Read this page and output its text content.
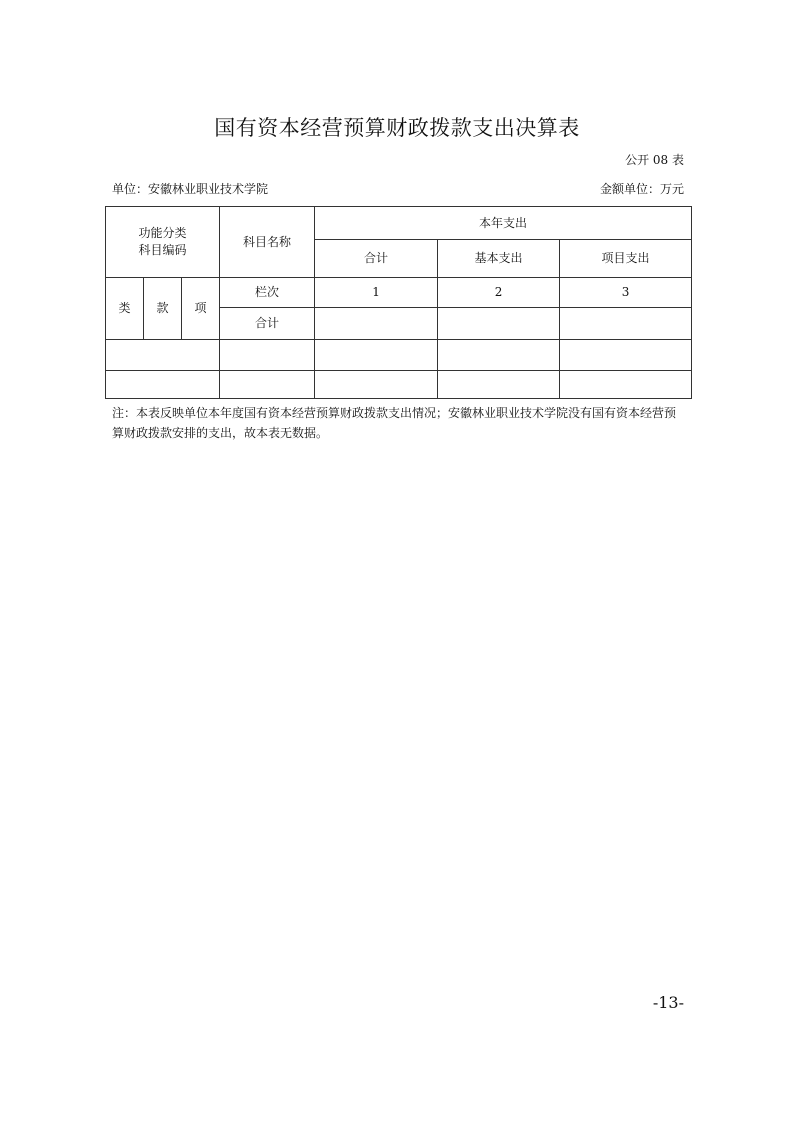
国有资本经营预算财政拨款支出决算表
公开 08 表
单位：安徽林业职业技术学院	金额单位：万元
功能分类
科目编码			科目名称	本年支出		
				合计	基本支出	项目支出
类	款	项	栏次	1	2	3
			合计			

注：本表反映单位本年度国有资本经营预算财政拨款支出情况；安徽林业职业技术学院没有国有资本经营预算财政拨款安排的支出，故本表无数据。
-13-
